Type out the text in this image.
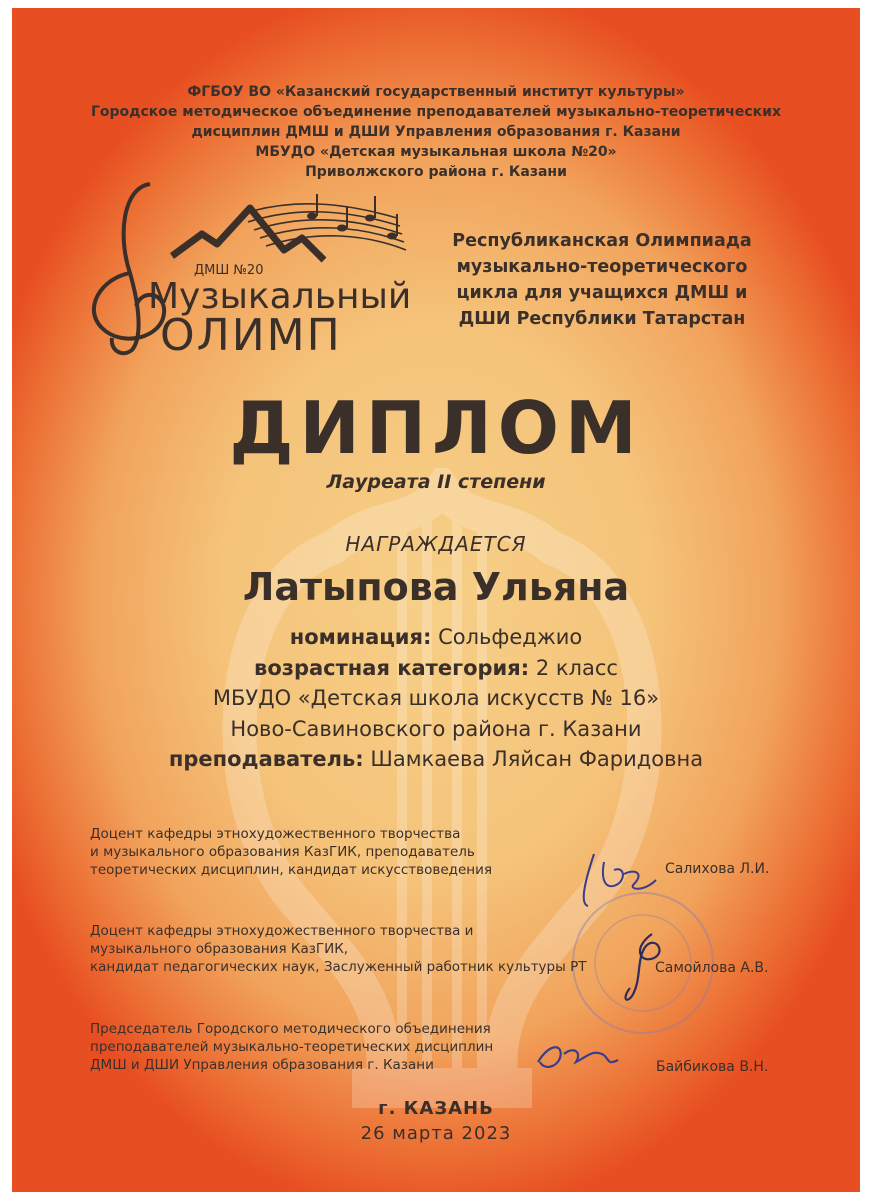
ФГБОУ ВО «Казанский государственный институт культуры»
Городское методическое объединение преподавателей музыкально-теоретических
дисциплин ДМШ и ДШИ Управления образования г. Казани
МБУДО «Детская музыкальная школа №20»
Приволжского района г. Казани
ДМШ №20
Музыкальный
ОЛИМП
Республиканская Олимпиада
музыкально-теоретического
цикла для учащихся ДМШ и
ДШИ Республики Татарстан
ДИПЛОМ
Лауреата II степени
НАГРАЖДАЕТСЯ
Латыпова Ульяна
номинация: Сольфеджио
возрастная категория: 2 класс
МБУДО «Детская школа искусств № 16»
Ново-Савиновского района г. Казани
преподаватель: Шамкаева Ляйсан Фаридовна
Доцент кафедры этнохудожественного творчества
и музыкального образования КазГИК, преподаватель
теоретических дисциплин, кандидат искусствоведения	Салихова Л.И.
Доцент кафедры этнохудожественного творчества и
музыкального образования КазГИК,
кандидат педагогических наук, Заслуженный работник культуры РТ	Самойлова А.В.
Председатель Городского методического объединения
преподавателей музыкально-теоретических дисциплин
ДМШ и ДШИ Управления образования г. Казани	Байбикова В.Н.
г. КАЗАНЬ
26 марта 2023
